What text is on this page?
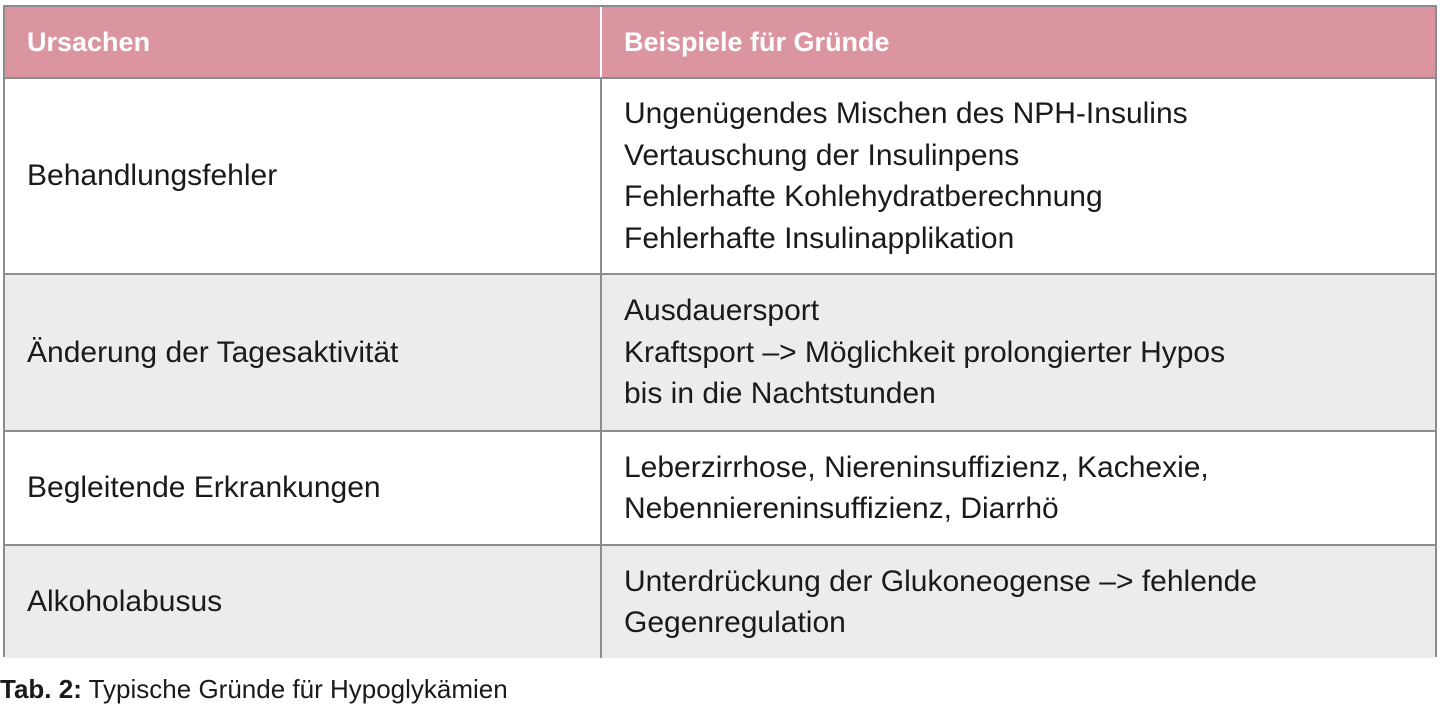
Ursachen	Beispiele für Gründe
Behandlungsfehler	Ungenügendes Mischen des NPH-Insulins
Vertauschung der Insulinpens
Fehlerhafte Kohlehydratberechnung
Fehlerhafte Insulinapplikation

Änderung der Tagesaktivität	Ausdauersport
Kraftsport –> Möglichkeit prolongierter Hypos
bis in die Nachtstunden

Begleitende Erkrankungen	Leberzirrhose, Niereninsuffizienz, Kachexie,
Nebenniereninsuffizienz, Diarrhö

Alkoholabusus	Unterdrückung der Glukoneogense –> fehlende
Gegenregulation
Tab. 2: Typische Gründe für Hypoglykämien
